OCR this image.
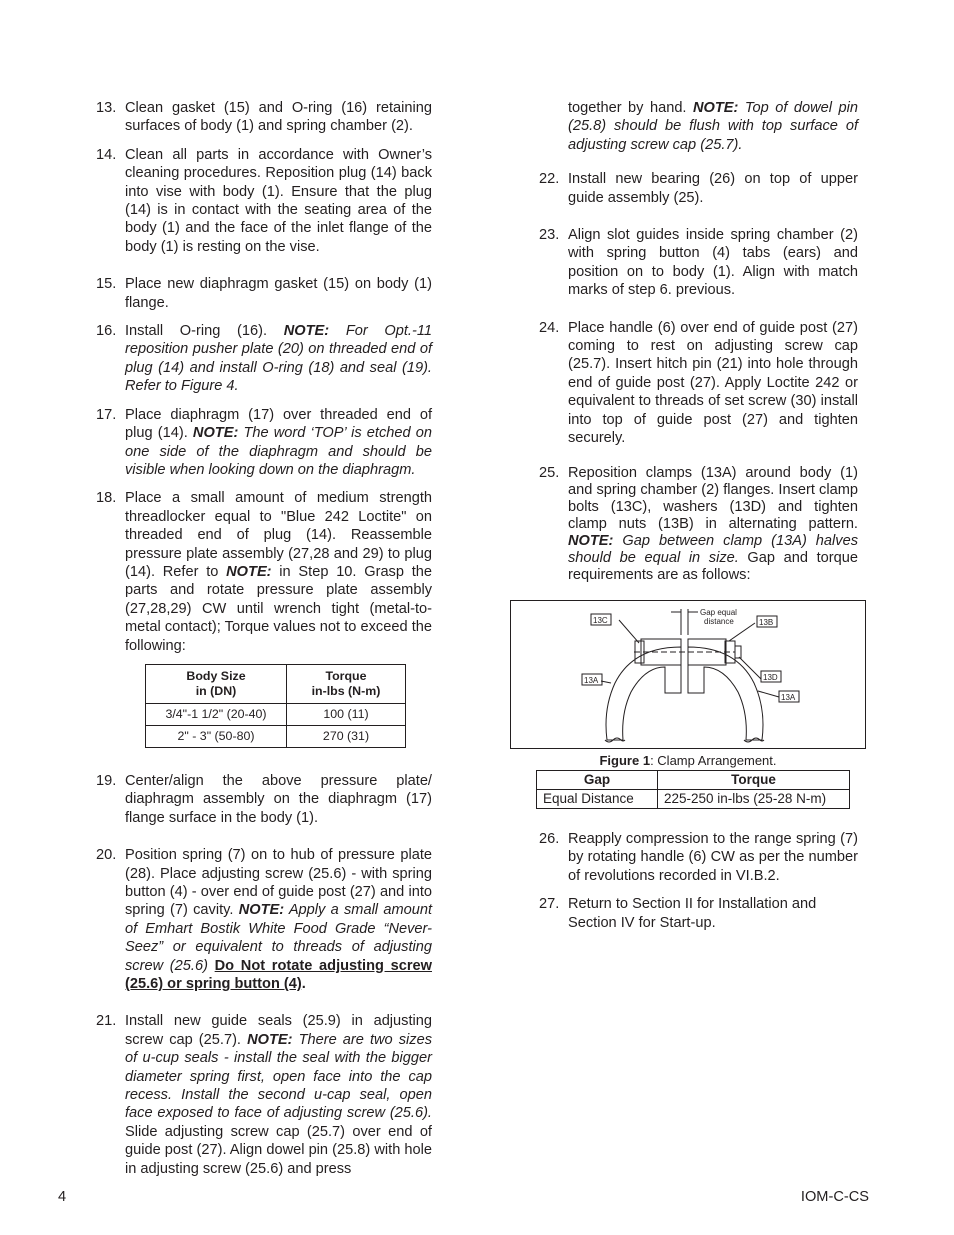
13. Clean gasket (15) and O-ring (16) retaining surfaces of body (1) and spring chamber (2).
14. Clean all parts in accordance with Owner’s cleaning procedures. Reposition plug (14) back into vise with body (1). Ensure that the plug (14) is in contact with the seating area of the body (1) and the face of the inlet flange of the body (1) is resting on the vise.
15. Place new diaphragm gasket (15) on body (1) flange.
16. Install O-ring (16). NOTE: For Opt.-11 reposition pusher plate (20) on threaded end of plug (14) and install O-ring (18) and seal (19). Refer to Figure 4.
17. Place diaphragm (17) over threaded end of plug (14). NOTE: The word ‘TOP’ is etched on one side of the diaphragm and should be visible when looking down on the diaphragm.
18. Place a small amount of medium strength threadlocker equal to "Blue 242 Loctite" on threaded end of plug (14). Reassemble pressure plate assembly (27,28 and 29) to plug (14). Refer to NOTE: in Step 10. Grasp the parts and rotate pressure plate assembly (27,28,29) CW until wrench tight (metal-to-metal contact); Torque values not to exceed the following:
Body Size
in (DN)	Torque
in-lbs (N-m)
3/4"-1 1/2" (20-40)	100 (11)
2" - 3" (50-80)	270 (31)
19. Center/align the above pressure plate/ diaphragm assembly on the diaphragm (17) flange surface in the body (1).
20. Position spring (7) on to hub of pressure plate (28). Place adjusting screw (25.6) - with spring button (4) - over end of guide post (27) and into spring (7) cavity. NOTE: Apply a small amount of Emhart Bostik White Food Grade “Never-Seez” or equivalent to threads of adjusting screw (25.6) Do Not rotate adjusting screw (25.6) or spring button (4).
21. Install new guide seals (25.9) in adjusting screw cap (25.7). NOTE: There are two sizes of u-cup seals - install the seal with the bigger diameter spring first, open face into the cap recess. Install the second u-cap seal, open face exposed to face of adjusting screw (25.6). Slide adjusting screw cap (25.7) over end of guide post (27). Align dowel pin (25.8) with hole in adjusting screw (25.6) and press
together by hand. NOTE: Top of dowel pin (25.8) should be flush with top surface of adjusting screw cap (25.7).
22. Install new bearing (26) on top of upper guide assembly (25).
23. Align slot guides inside spring chamber (2) with spring button (4) tabs (ears) and position on to body (1). Align with match marks of step 6. previous.
24. Place handle (6) over end of guide post (27) coming to rest on adjusting screw cap (25.7). Insert hitch pin (21) into hole through end of guide post (27). Apply Loctite 242 or equivalent to threads of set screw (30) install into top of guide post (27) and tighten securely.
25. Reposition clamps (13A) around body (1) and spring chamber (2) flanges. Insert clamp bolts (13C), washers (13D) and tighten clamp nuts (13B) in alternating pattern. NOTE: Gap between clamp (13A) halves should be equal in size. Gap and torque requirements are as follows:
13C	13B
13A	13D
13A
Gap equal
distance
Figure 1: Clamp Arrangement.
Gap	Torque
Equal Distance	225-250 in-lbs (25-28 N-m)
26. Reapply compression to the range spring (7) by rotating handle (6) CW as per the number of revolutions recorded in VI.B.2.
27. Return to Section II for Installation and Section IV for Start-up.
4	IOM-C-CS
